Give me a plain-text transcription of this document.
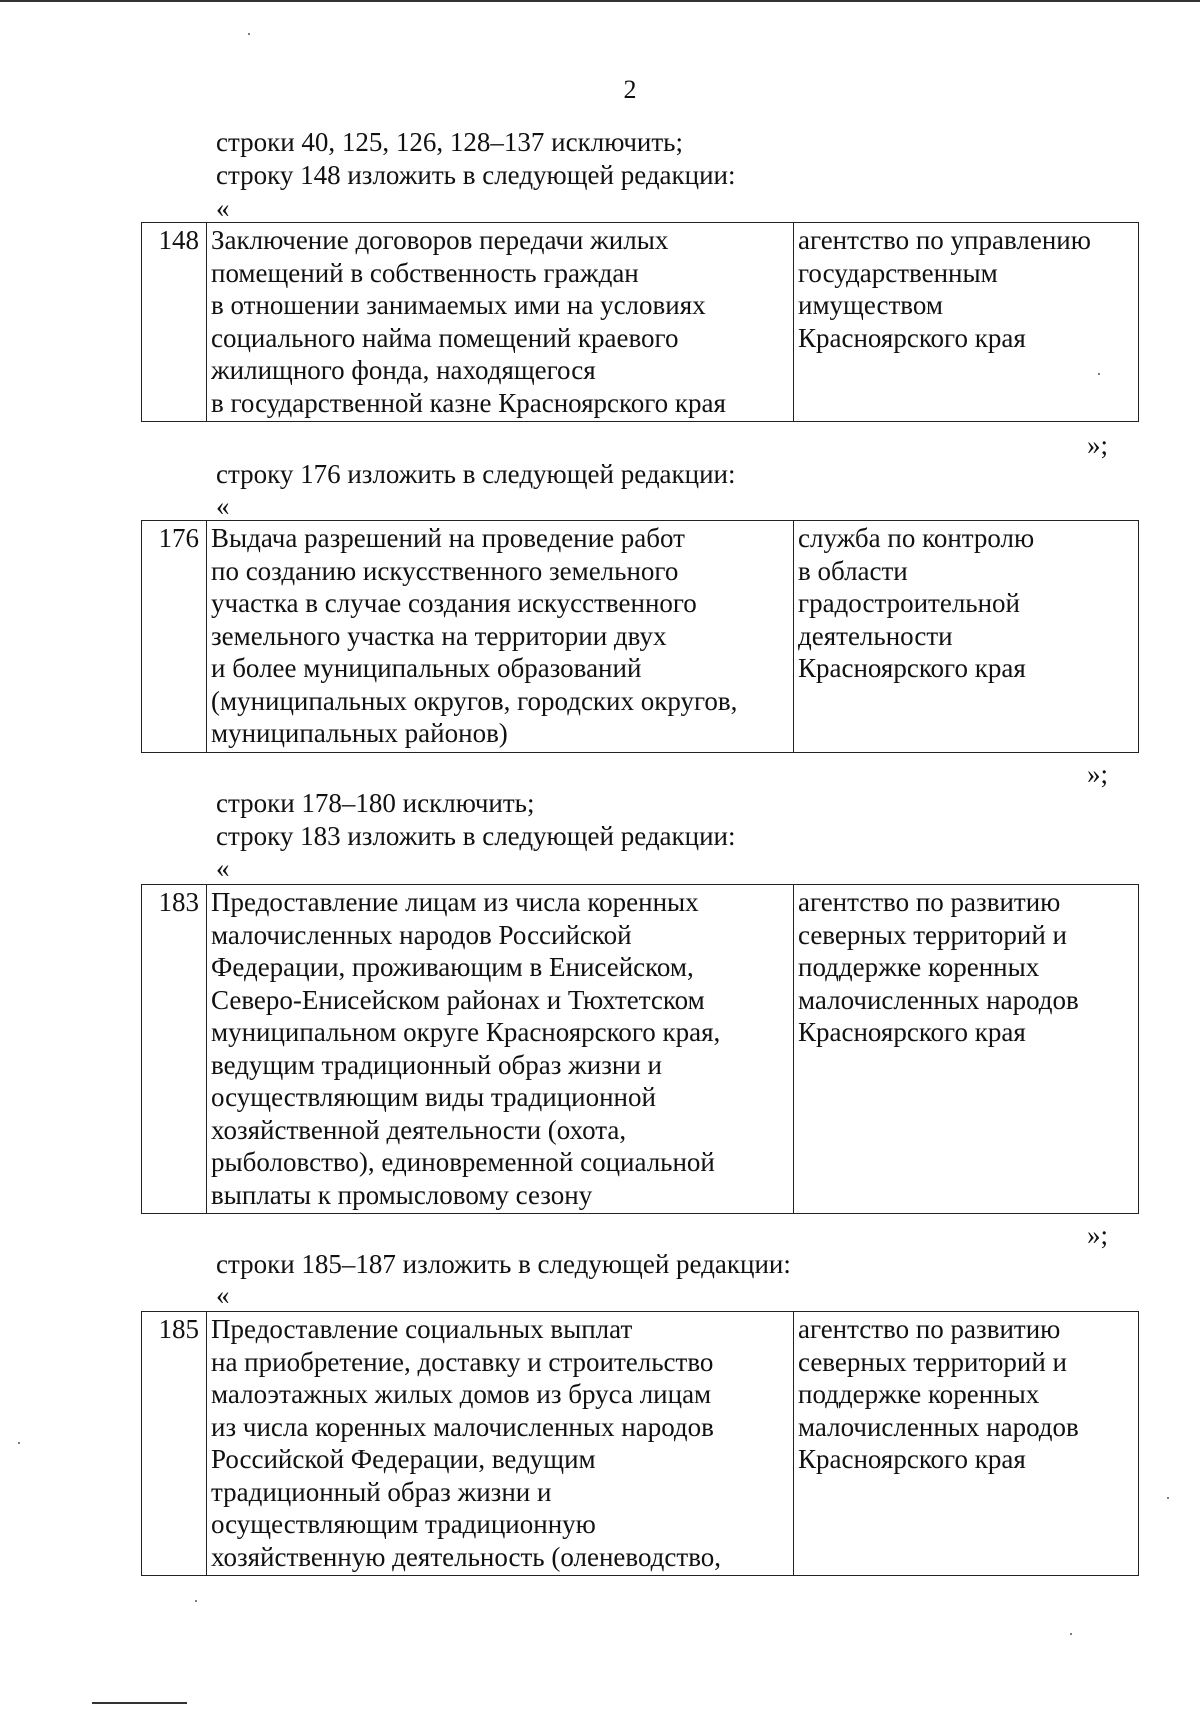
2
строки 40, 125, 126, 128–137 исключить;
строку 148 изложить в следующей редакции:
«
148	Заключение договоров передачи жилых
помещений в собственность граждан
в отношении занимаемых ими на условиях
социального найма помещений краевого
жилищного фонда, находящегося
в государственной казне Красноярского края	агентство по управлению
государственным
имуществом
Красноярского края
»;
строку 176 изложить в следующей редакции:
«
176	Выдача разрешений на проведение работ
по созданию искусственного земельного
участка в случае создания искусственного
земельного участка на территории двух
и более муниципальных образований
(муниципальных округов, городских округов,
муниципальных районов)	служба по контролю
в области
градостроительной
деятельности
Красноярского края
»;
строки 178–180 исключить;
строку 183 изложить в следующей редакции:
«
183	Предоставление лицам из числа коренных
малочисленных народов Российской
Федерации, проживающим в Енисейском,
Северо-Енисейском районах и Тюхтетском
муниципальном округе Красноярского края,
ведущим традиционный образ жизни и
осуществляющим виды традиционной
хозяйственной деятельности (охота,
рыболовство), единовременной социальной
выплаты к промысловому сезону	агентство по развитию
северных территорий и
поддержке коренных
малочисленных народов
Красноярского края
»;
строки 185–187 изложить в следующей редакции:
«
185	Предоставление социальных выплат
на приобретение, доставку и строительство
малоэтажных жилых домов из бруса лицам
из числа коренных малочисленных народов
Российской Федерации, ведущим
традиционный образ жизни и
осуществляющим традиционную
хозяйственную деятельность (оленеводство,	агентство по развитию
северных территорий и
поддержке коренных
малочисленных народов
Красноярского края
